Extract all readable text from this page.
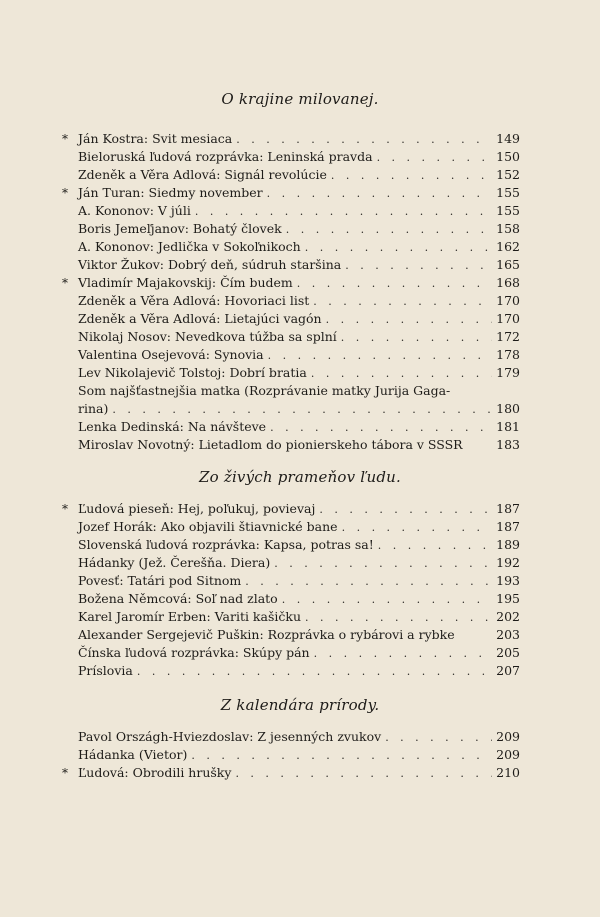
O krajine milovanej.
* Ján Kostra: Svit mesiaca . . .	149
Bieloruská ľudová rozprávka: Leninská pravda . . .	150
Zdeněk a Věra Adlová: Signál revolúcie . . .	152
* Ján Turan: Siedmy november . . .	155
A. Kononov: V júli . . .	155
Boris Jemeľjanov: Bohatý človek . . .	158
A. Kononov: Jedlička v Sokoľnikoch . . .	162
Viktor Žukov: Dobrý deň, súdruh staršina . . .	165
* Vladimír Majakovskij: Čím budem . . .	168
Zdeněk a Věra Adlová: Hovoriaci list . . .	170
Zdeněk a Věra Adlová: Lietajúci vagón . . .	170
Nikolaj Nosov: Nevedkova túžba sa splní . . .	172
Valentina Osejevová: Synovia . . .	178
Lev Nikolajevič Tolstoj: Dobrí bratia . . .	179
Som najšťastnejšia matka (Rozprávanie matky Jurija Gaga-
rina) . . .	180
Lenka Dedinská: Na návšteve . . .	181
Miroslav Novotný: Lietadlom do pionierskeho tábora v SSSR	183
Zo živých prameňov ľudu.
* Ľudová pieseň: Hej, poľukuj, povievaj . . .	187
Jozef Horák: Ako objavili štiavnické bane . . .	187
Slovenská ľudová rozprávka: Kapsa, potras sa! . . .	189
Hádanky (Jež. Čerešňa. Diera) . . .	192
Povesť: Tatári pod Sitnom . . .	193
Božena Němcová: Soľ nad zlato . . .	195
Karel Jaromír Erben: Variti kašičku . . .	202
Alexander Sergejevič Puškin: Rozprávka o rybárovi a rybke	203
Čínska ľudová rozprávka: Skúpy pán . . .	205
Príslovia . . .	207
Z kalendára prírody.
Pavol Országh-Hviezdoslav: Z jesenných zvukov . . .	209
Hádanka (Vietor) . . .	209
* Ľudová: Obrodili hrušky . . .	210
